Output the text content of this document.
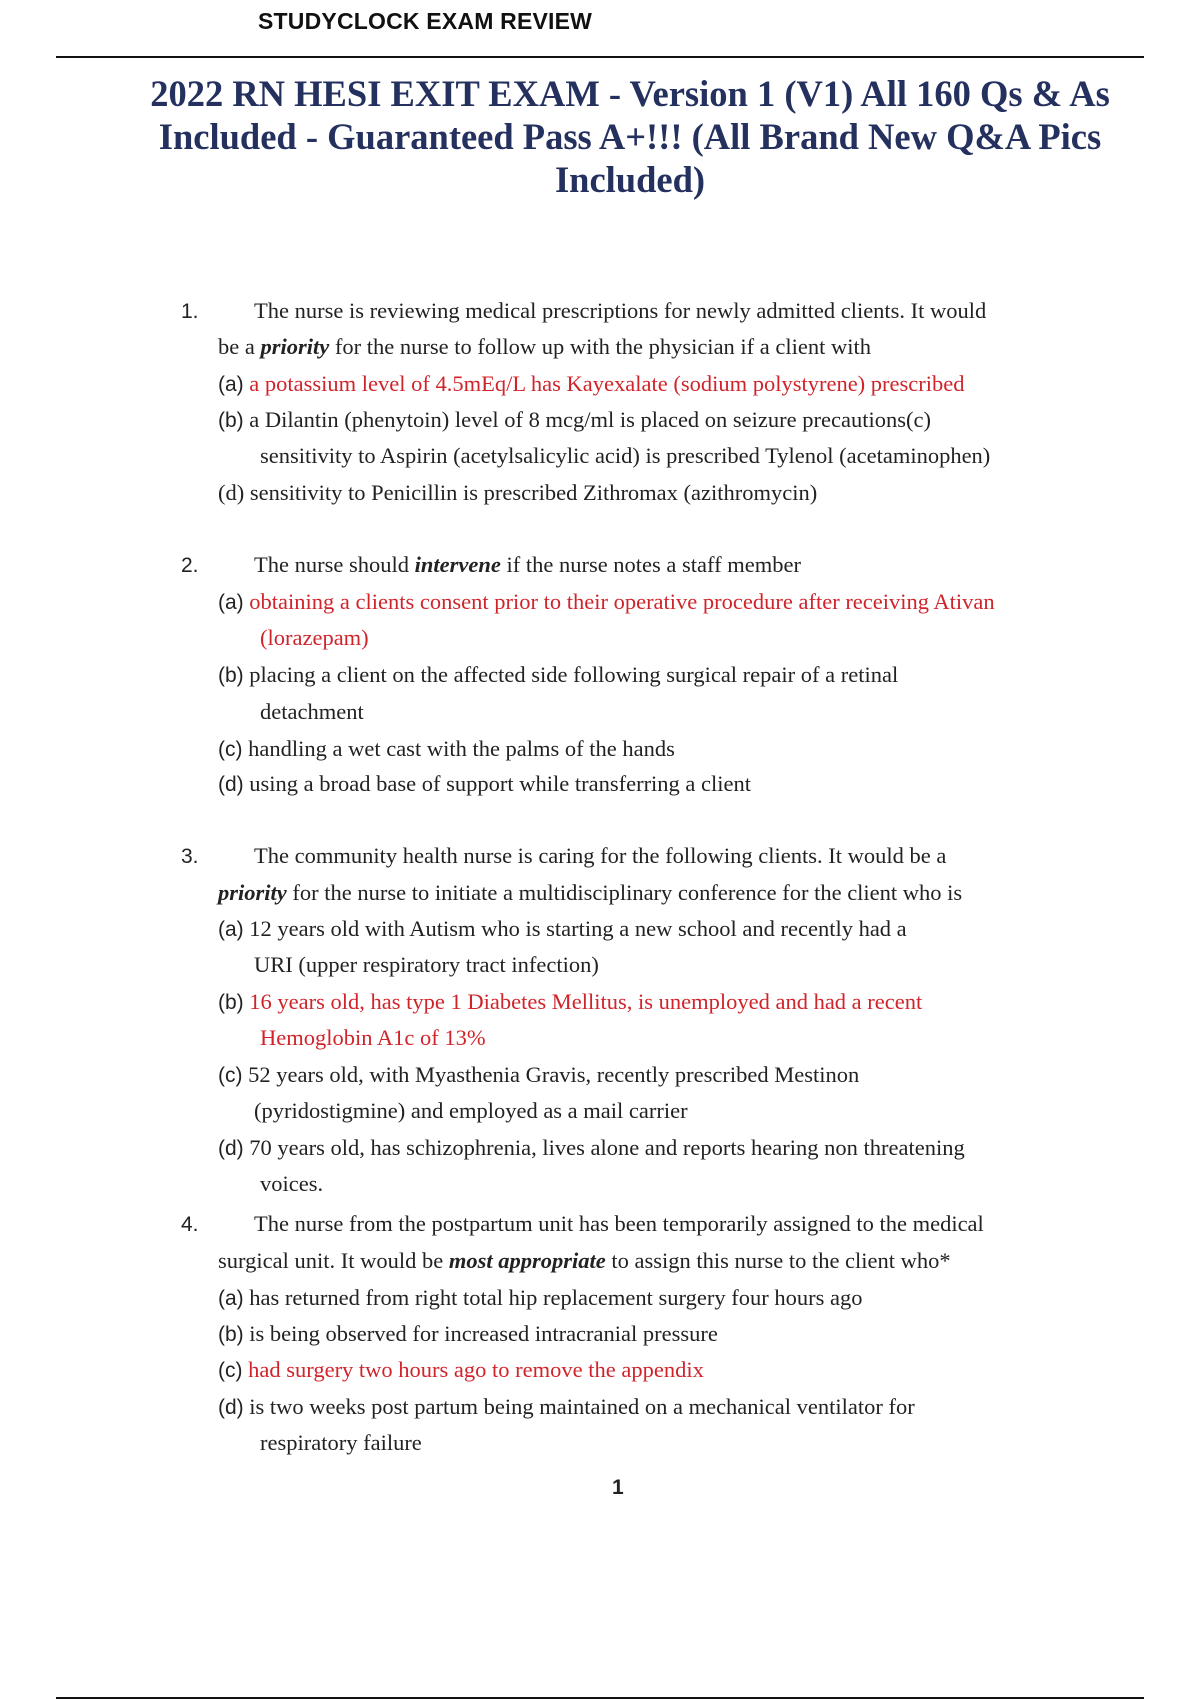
STUDYCLOCK EXAM REVIEW
2022 RN HESI EXIT EXAM - Version 1 (V1) All 160 Qs & As Included - Guaranteed Pass A+!!! (All Brand New Q&A Pics Included)
1. The nurse is reviewing medical prescriptions for newly admitted clients. It would
be a priority for the nurse to follow up with the physician if a client with
(a) a potassium level of 4.5mEq/L has Kayexalate (sodium polystyrene) prescribed
(b) a Dilantin (phenytoin) level of 8 mcg/ml is placed on seizure precautions(c)
sensitivity to Aspirin (acetylsalicylic acid) is prescribed Tylenol (acetaminophen)
(d) sensitivity to Penicillin is prescribed Zithromax (azithromycin)
2. The nurse should intervene if the nurse notes a staff member
(a) obtaining a clients consent prior to their operative procedure after receiving Ativan
(lorazepam)
(b) placing a client on the affected side following surgical repair of a retinal
detachment
(c) handling a wet cast with the palms of the hands
(d) using a broad base of support while transferring a client
3. The community health nurse is caring for the following clients. It would be a
priority for the nurse to initiate a multidisciplinary conference for the client who is
(a) 12 years old with Autism who is starting a new school and recently had a
URI (upper respiratory tract infection)
(b) 16 years old, has type 1 Diabetes Mellitus, is unemployed and had a recent
Hemoglobin A1c of 13%
(c) 52 years old, with Myasthenia Gravis, recently prescribed Mestinon
(pyridostigmine) and employed as a mail carrier
(d) 70 years old, has schizophrenia, lives alone and reports hearing non threatening
voices.
4. The nurse from the postpartum unit has been temporarily assigned to the medical
surgical unit. It would be most appropriate to assign this nurse to the client who*
(a) has returned from right total hip replacement surgery four hours ago
(b) is being observed for increased intracranial pressure
(c) had surgery two hours ago to remove the appendix
(d) is two weeks post partum being maintained on a mechanical ventilator for
respiratory failure
1
